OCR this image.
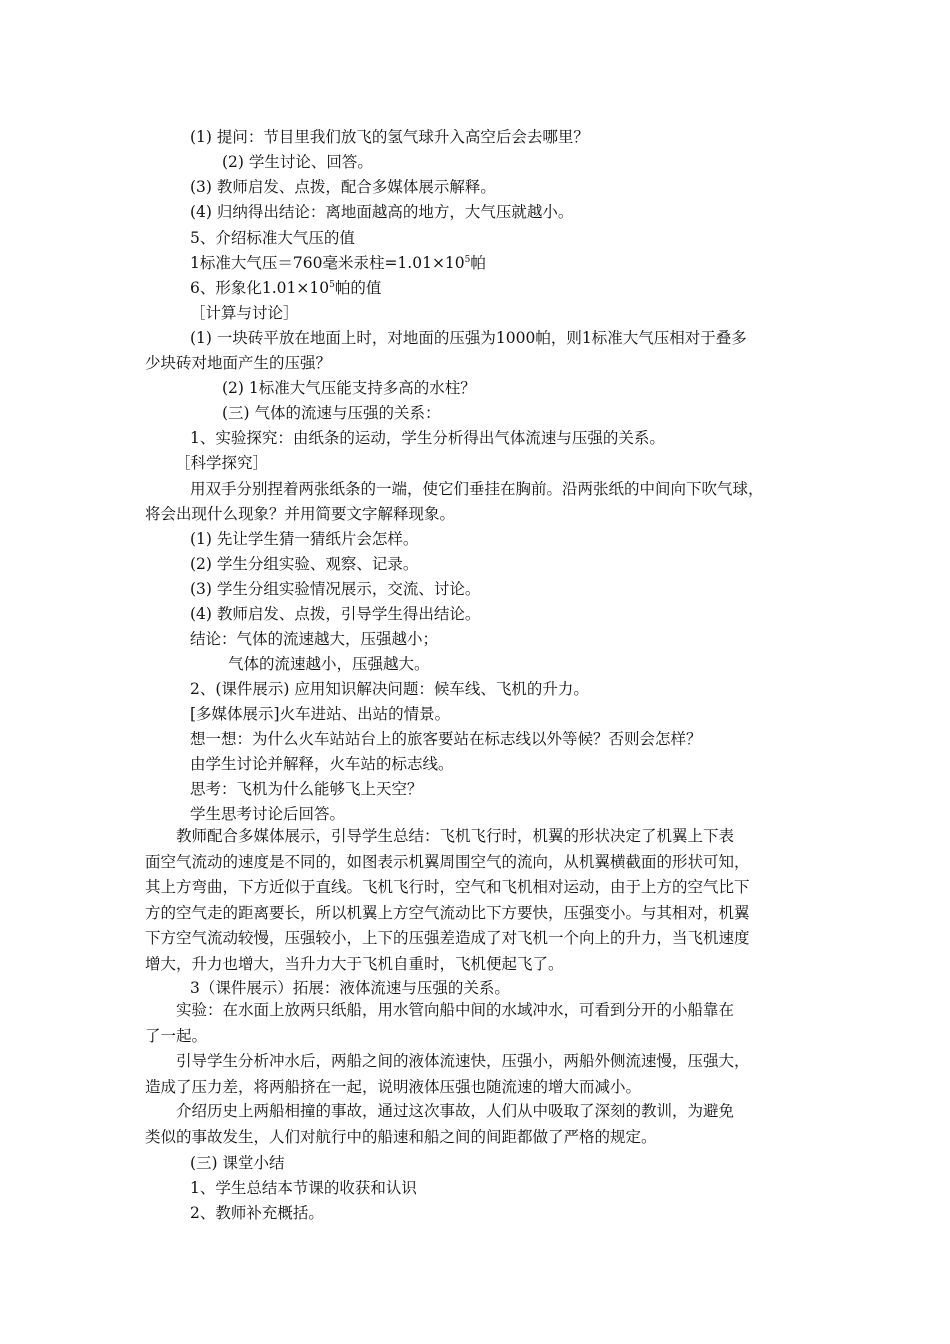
(1) 提问：节目里我们放飞的氢气球升入高空后会去哪里？
(2) 学生讨论、回答。
(3) 教师启发、点拨，配合多媒体展示解释。
(4) 归纳得出结论：离地面越高的地方，大气压就越小。
5、介绍标准大气压的值
1标准大气压＝760毫米汞柱$=1.01\times 10^5$帕
6、形象化$1.01\times 10^5$帕的值
［计算与讨论］
(1) 一块砖平放在地面上时，对地面的压强为1000帕，则1标准大气压相对于叠多
少块砖对地面产生的压强？
(2) 1标准大气压能支持多高的水柱？
(三) 气体的流速与压强的关系：
1、实验探究：由纸条的运动，学生分析得出气体流速与压强的关系。
［科学探究］
用双手分别捏着两张纸条的一端，使它们垂挂在胸前。沿两张纸的中间向下吹气球，
将会出现什么现象？并用简要文字解释现象。
(1) 先让学生猜一猜纸片会怎样。
(2) 学生分组实验、观察、记录。
(3) 学生分组实验情况展示，交流、讨论。
(4) 教师启发、点拨，引导学生得出结论。
结论：气体的流速越大，压强越小；
气体的流速越小，压强越大。
2、(课件展示) 应用知识解决问题：候车线、飞机的升力。
[多媒体展示]火车进站、出站的情景。
想一想：为什么火车站站台上的旅客要站在标志线以外等候？否则会怎样？
由学生讨论并解释，火车站的标志线。
思考：飞机为什么能够飞上天空？
学生思考讨论后回答。
　　教师配合多媒体展示，引导学生总结：飞机飞行时，机翼的形状决定了机翼上下表
面空气流动的速度是不同的，如图表示机翼周围空气的流向，从机翼横截面的形状可知，
其上方弯曲，下方近似于直线。飞机飞行时，空气和飞机相对运动，由于上方的空气比下
方的空气走的距离要长，所以机翼上方空气流动比下方要快，压强变小。与其相对，机翼
下方空气流动较慢，压强较小，上下的压强差造成了对飞机一个向上的升力，当飞机速度
增大，升力也增大，当升力大于飞机自重时，飞机便起飞了。
3（课件展示）拓展：液体流速与压强的关系。
　　实验：在水面上放两只纸船，用水管向船中间的水域冲水，可看到分开的小船靠在
了一起。
　　引导学生分析冲水后，两船之间的液体流速快，压强小，两船外侧流速慢，压强大，
造成了压力差，将两船挤在一起，说明液体压强也随流速的增大而减小。
　　介绍历史上两船相撞的事故，通过这次事故，人们从中吸取了深刻的教训，为避免
类似的事故发生，人们对航行中的船速和船之间的间距都做了严格的规定。
(三) 课堂小结
1、学生总结本节课的收获和认识
2、教师补充概括。
